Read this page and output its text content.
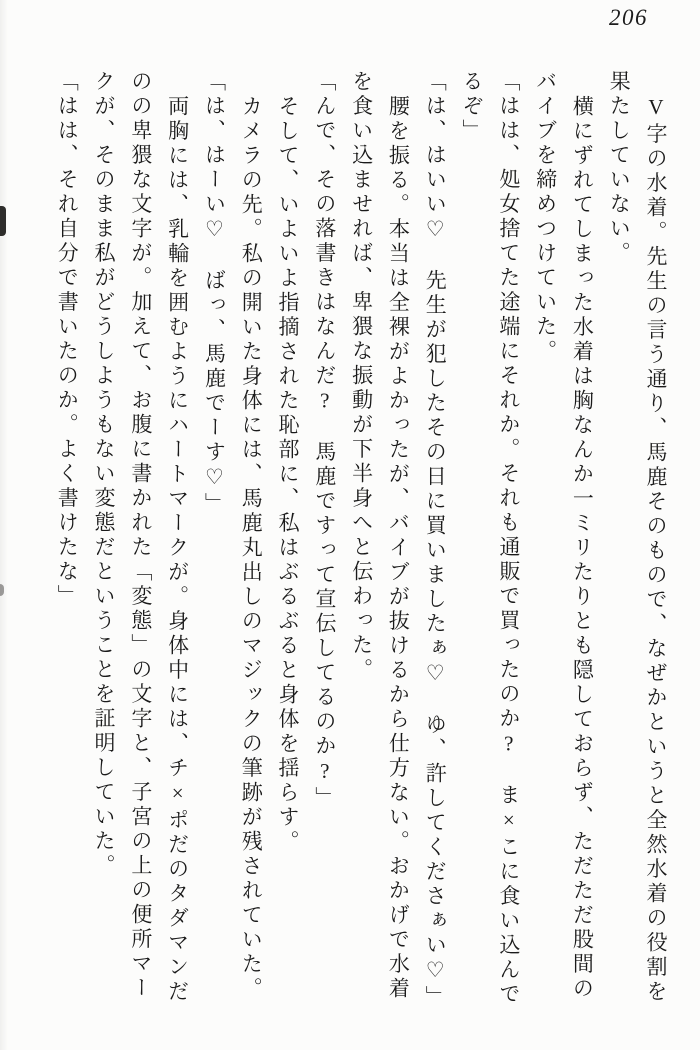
206

V字の水着。先生の言う通り、馬鹿そのもので、なぜかというと全然水着の役割を果たしていない。

横にずれてしまった水着は胸なんか一ミリたりとも隠しておらず、ただただ股間のバイブを締めつけていた。

「はは、処女捨てた途端にそれか。それも通販で買ったのか?　ま×こに食い込んでるぞ」

「は、はいい♡　先生が犯したその日に買いましたぁ♡　ゆ、許してくださぁい♡」

腰を振る。本当は全裸がよかったが、バイブが抜けるから仕方ない。おかげで水着を食い込ませれば、卑猥な振動が下半身へと伝わった。

「んで、その落書きはなんだ?　馬鹿ですって宣伝してるのか?」

そして、いよいよ指摘された恥部に、私はぶるぶると身体を揺らす。

カメラの先。私の開いた身体には、馬鹿丸出しのマジックの筆跡が残されていた。

「は、はーい♡　ばっ、馬鹿でーす♡」

両胸には、乳輪を囲むようにハートマークが。身体中には、チ×ポだのタダマンだのの卑猥な文字が。加えて、お腹に書かれた「変態」の文字と、子宮の上の便所マークが、そのまま私がどうしようもない変態だということを証明していた。

「はは、それ自分で書いたのか。よく書けたな」
